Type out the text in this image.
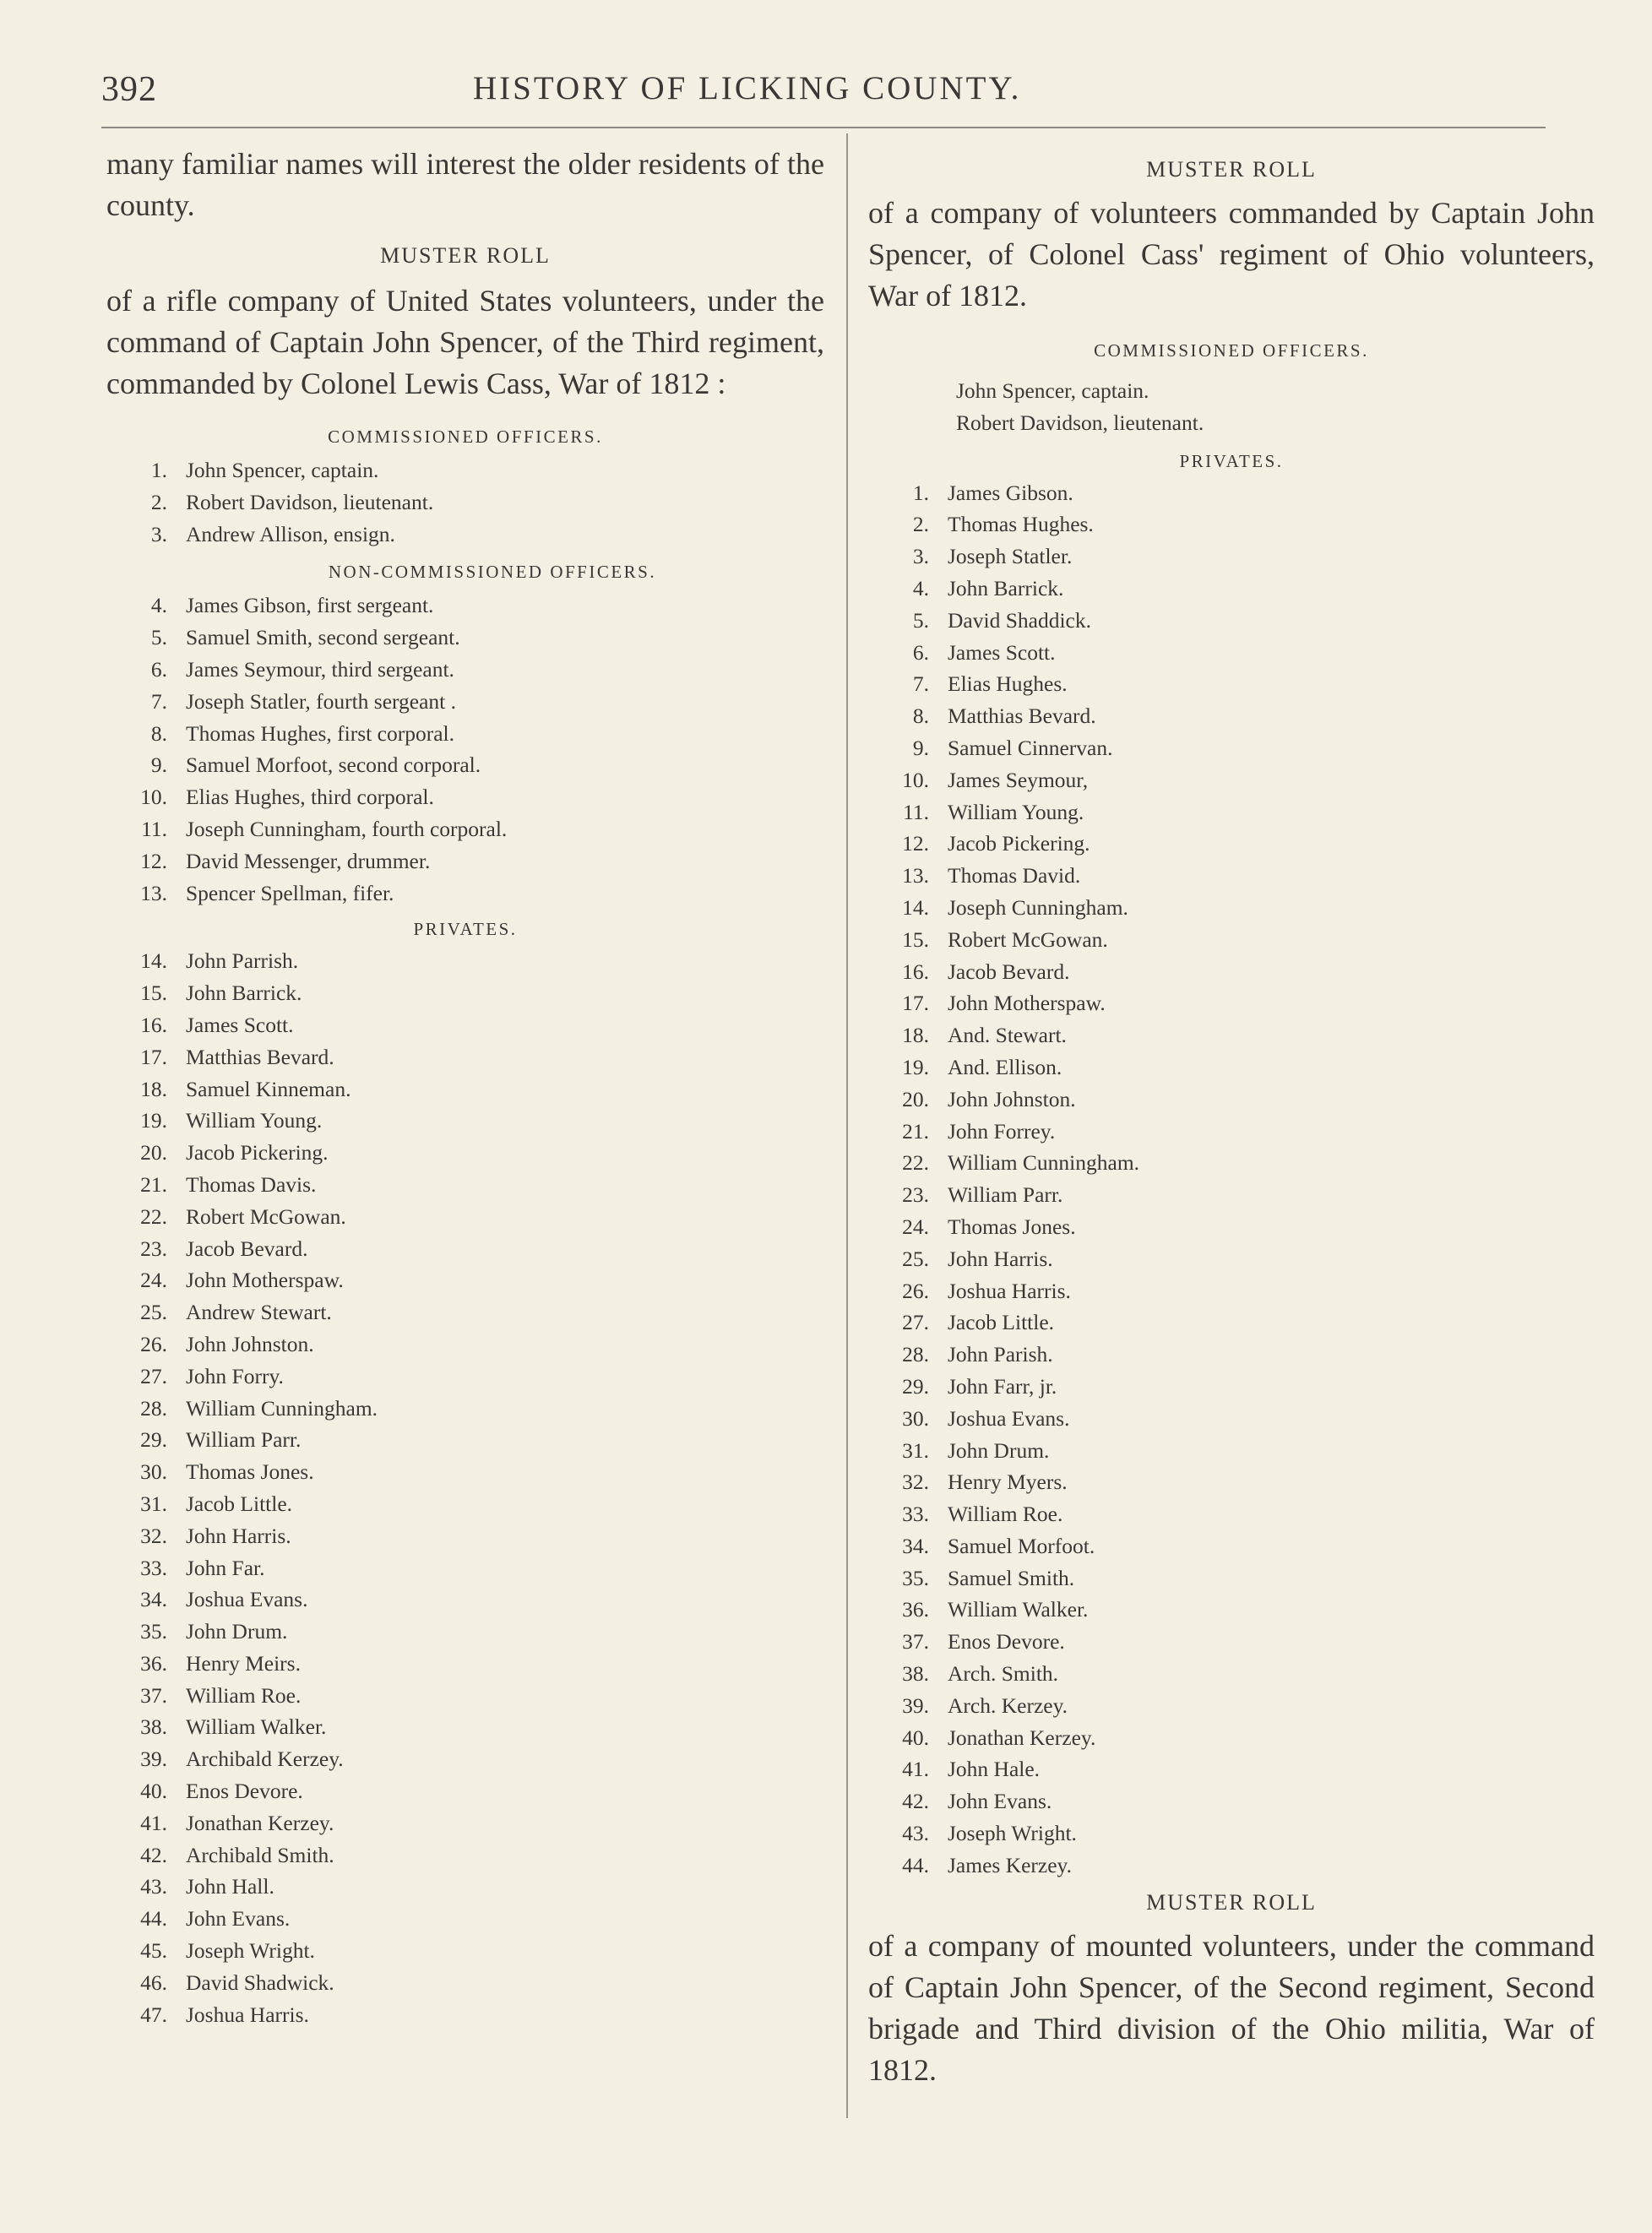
392	HISTORY OF LICKING COUNTY.

many familiar names will interest the older residents of the county.

MUSTER ROLL

of a rifle company of United States volunteers, under the command of Captain John Spencer, of the Third regiment, commanded by Colonel Lewis Cass, War of 1812 :

COMMISSIONED OFFICERS.

1. John Spencer, captain.
2. Robert Davidson, lieutenant.
3. Andrew Allison, ensign.

NON-COMMISSIONED OFFICERS.

4. James Gibson, first sergeant.
5. Samuel Smith, second sergeant.
6. James Seymour, third sergeant.
7. Joseph Statler, fourth sergeant .
8. Thomas Hughes, first corporal.
9. Samuel Morfoot, second corporal.
10. Elias Hughes, third corporal.
11. Joseph Cunningham, fourth corporal.
12. David Messenger, drummer.
13. Spencer Spellman, fifer.

PRIVATES.

14. John Parrish.
15. John Barrick.
16. James Scott.
17. Matthias Bevard.
18. Samuel Kinneman.
19. William Young.
20. Jacob Pickering.
21. Thomas Davis.
22. Robert McGowan.
23. Jacob Bevard.
24. John Motherspaw.
25. Andrew Stewart.
26. John Johnston.
27. John Forry.
28. William Cunningham.
29. William Parr.
30. Thomas Jones.
31. Jacob Little.
32. John Harris.
33. John Far.
34. Joshua Evans.
35. John Drum.
36. Henry Meirs.
37. William Roe.
38. William Walker.
39. Archibald Kerzey.
40. Enos Devore.
41. Jonathan Kerzey.
42. Archibald Smith.
43. John Hall.
44. John Evans.
45. Joseph Wright.
46. David Shadwick.
47. Joshua Harris.

MUSTER ROLL

of a company of volunteers commanded by Captain John Spencer, of Colonel Cass' regiment of Ohio volunteers, War of 1812.

COMMISSIONED OFFICERS.

John Spencer, captain.
Robert Davidson, lieutenant.

PRIVATES.

1. James Gibson.
2. Thomas Hughes.
3. Joseph Statler.
4. John Barrick.
5. David Shaddick.
6. James Scott.
7. Elias Hughes.
8. Matthias Bevard.
9. Samuel Cinnervan.
10. James Seymour,
11. William Young.
12. Jacob Pickering.
13. Thomas David.
14. Joseph Cunningham.
15. Robert McGowan.
16. Jacob Bevard.
17. John Motherspaw.
18. And. Stewart.
19. And. Ellison.
20. John Johnston.
21. John Forrey.
22. William Cunningham.
23. William Parr.
24. Thomas Jones.
25. John Harris.
26. Joshua Harris.
27. Jacob Little.
28. John Parish.
29. John Farr, jr.
30. Joshua Evans.
31. John Drum.
32. Henry Myers.
33. William Roe.
34. Samuel Morfoot.
35. Samuel Smith.
36. William Walker.
37. Enos Devore.
38. Arch. Smith.
39. Arch. Kerzey.
40. Jonathan Kerzey.
41. John Hale.
42. John Evans.
43. Joseph Wright.
44. James Kerzey.

MUSTER ROLL

of a company of mounted volunteers, under the command of Captain John Spencer, of the Second regiment, Second brigade and Third division of the Ohio militia, War of 1812.
